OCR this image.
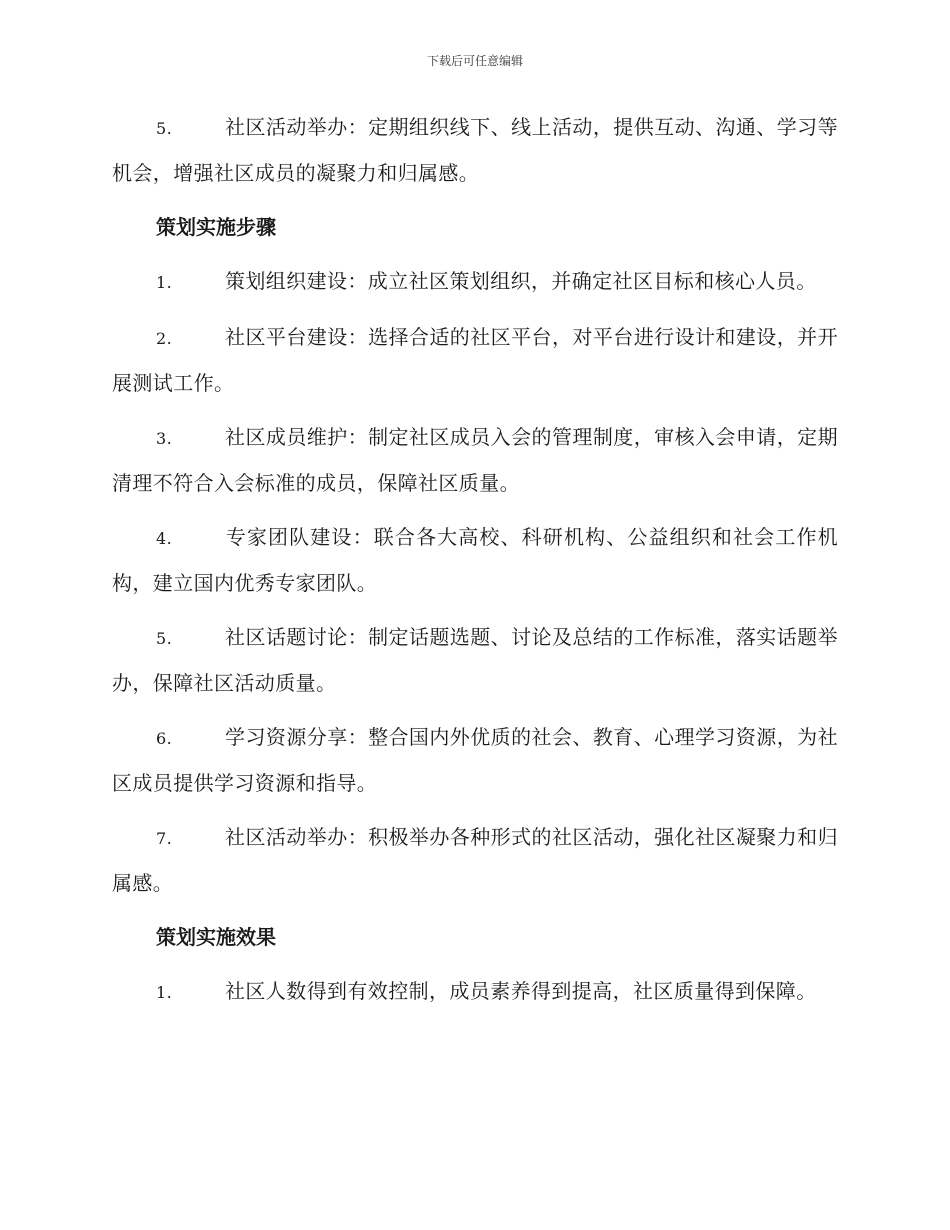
下载后可任意编辑

5.	社区活动举办：定期组织线下、线上活动，提供互动、沟通、学习等机会，增强社区成员的凝聚力和归属感。

策划实施步骤

1.	策划组织建设：成立社区策划组织，并确定社区目标和核心人员。

2.	社区平台建设：选择合适的社区平台，对平台进行设计和建设，并开展测试工作。

3.	社区成员维护：制定社区成员入会的管理制度，审核入会申请，定期清理不符合入会标准的成员，保障社区质量。

4.	专家团队建设：联合各大高校、科研机构、公益组织和社会工作机构，建立国内优秀专家团队。

5.	社区话题讨论：制定话题选题、讨论及总结的工作标准，落实话题举办，保障社区活动质量。

6.	学习资源分享：整合国内外优质的社会、教育、心理学习资源，为社区成员提供学习资源和指导。

7.	社区活动举办：积极举办各种形式的社区活动，强化社区凝聚力和归属感。

策划实施效果

1.	社区人数得到有效控制，成员素养得到提高，社区质量得到保障。
